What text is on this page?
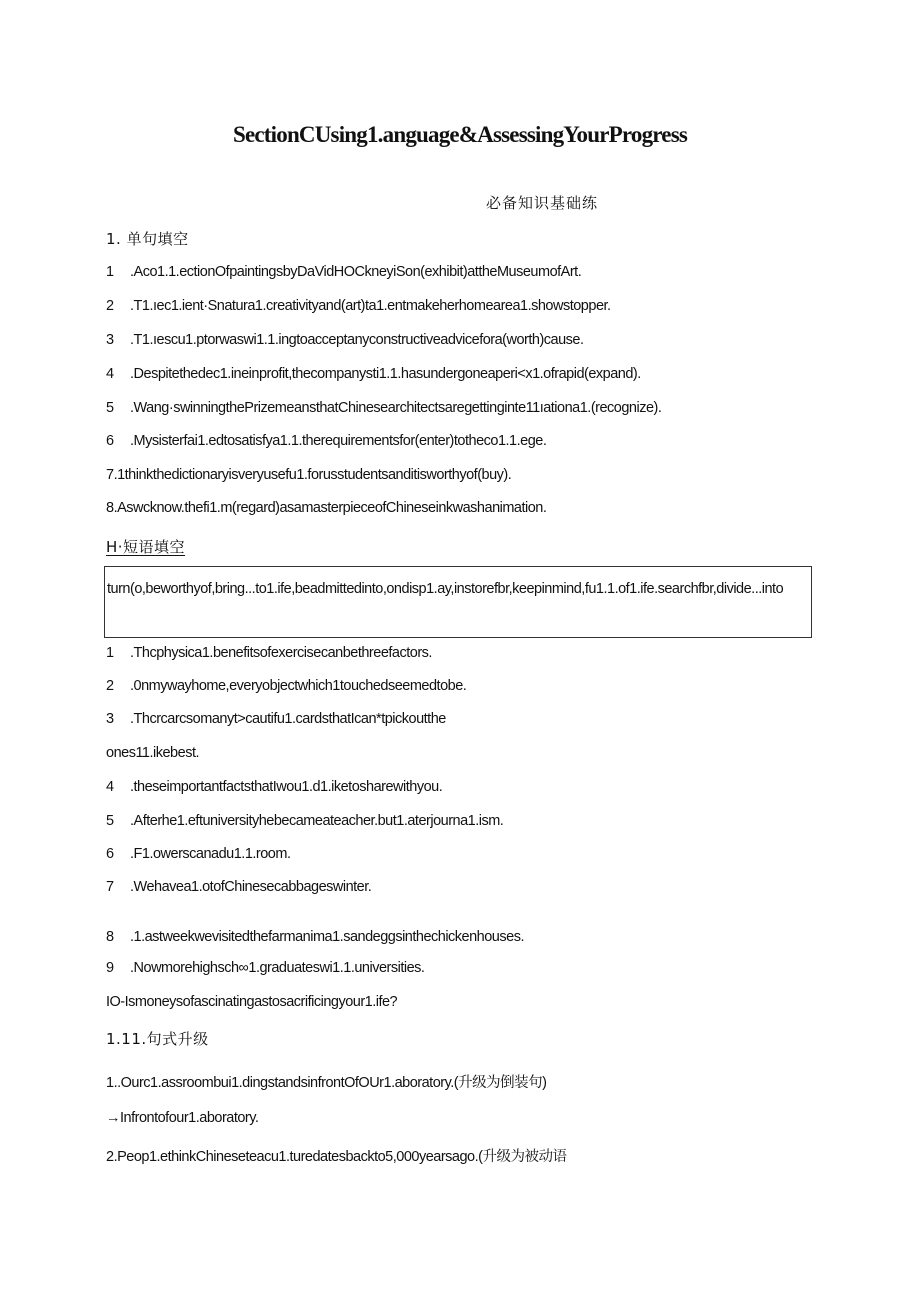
SectionCUsing1.anguage&AssessingYourProgress
必备知识基础练
1. 单句填空
1 .Aco1.1.ectionOfpaintingsbyDaVidHOCkneyiSon(exhibit)attheMuseumofArt.
2 .T1.ıec1.ient·Snatura1.creativityand(art)ta1.entmakeherhomearea1.showstopper.
3 .T1.ıescu1.ptorwaswi1.1.ingtoacceptanyconstructiveadviceforа(worth)cause.
4 .Despitethedec1.ineinprofit,thecompanysti1.1.hasundergoneaperi<x1.ofrapid(expand).
5 .Wang·swinningthePrizemeansthatChinesearchitectsaregettinginte11ıationa1.(recognize).
6 .Mysisterfai1.edtosatisfya1.1.therequirementsfor(enter)totheco1.1.ege.
7.1thinkthedictionaryisveryusefu1.forusstudentsanditisworthyof(buy).
8.Aswcknow.thefi1.m(regard)asamasterpieceofChineseinkwashanimation.
H·短语填空
turn(o,beworthyof,bring...to1.ife,beadmittedinto,ondisp1.ay,instorefbr,keepinmind,fu1.1.of1.ife.searchfbr,divide...into
1 .Thcphysica1.benefitsofexercisecanbethreefactors.
2 .0nmywayhome,everyobjectwhich1touchedseemedtobe.
3 .Thcrcarcsomanyt>cautifu1.cardsthatIcan*tpickoutthe
ones11.ikebest.
4 .theseimportantfactsthatIwou1.d1.iketosharewithyou.
5 .Afterhe1.eftuniversityhebecameateacher.but1.aterjourna1.ism.
6 .F1.owerscanadu1.1.room.
7 .Wehavea1.otofChinesecabbageswinter.
8 .1.astweekwevisitedthefarmanima1.sandeggsinthechickenhouses.
9 .Nowmorehighsch∞1.graduateswi1.1.universities.
IO-Ismoneysofascinatingastosacrificingyour1.ife?
1.11.句式升级
1..Ourc1.assroombui1.dingstandsinfrontOfOUr1.aboratory.(升级为倒装句)
→Infrontofour1.aboratory.
2.Peop1.ethinkChineseteacu1.turedatesbackto5,000yearsago.(升级为被动语
